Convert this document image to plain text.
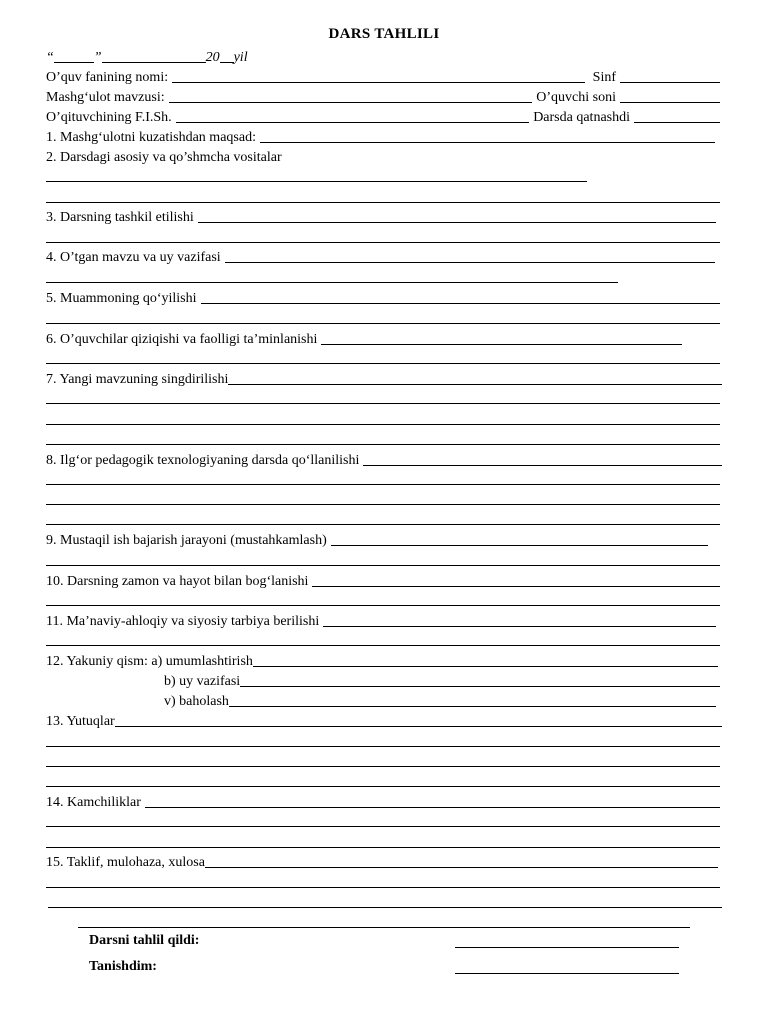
DARS TAHLILI
“	”	20 yil
O’quv fanining nomi:	Sinf
Mashg‘ulot mavzusi:	O’quvchi soni
O’qituvchining F.I.Sh.	Darsda qatnashdi
1. Mashg‘ulotni kuzatishdan maqsad:
2. Darsdagi asosiy va qo’shmcha vositalar
3. Darsning tashkil etilishi
4. O’tgan mavzu va uy vazifasi
5. Muammoning qo‘yilishi
6. O’quvchilar qiziqishi va faolligi ta’minlanishi
7. Yangi mavzuning singdirilishi
8. Ilg‘or pedagogik texnologiyaning darsda qo‘llanilishi
9. Mustaqil ish bajarish jarayoni (mustahkamlash)
10. Darsning zamon va hayot bilan bog‘lanishi
11. Ma’naviy-ahloqiy va siyosiy tarbiya berilishi
12. Yakuniy qism: a) umumlashtirish
b) uy vazifasi
v) baholash
13. Yutuqlar
14. Kamchiliklar
15. Taklif, mulohaza, xulosa
Darsni tahlil qildi:
Tanishdim:
